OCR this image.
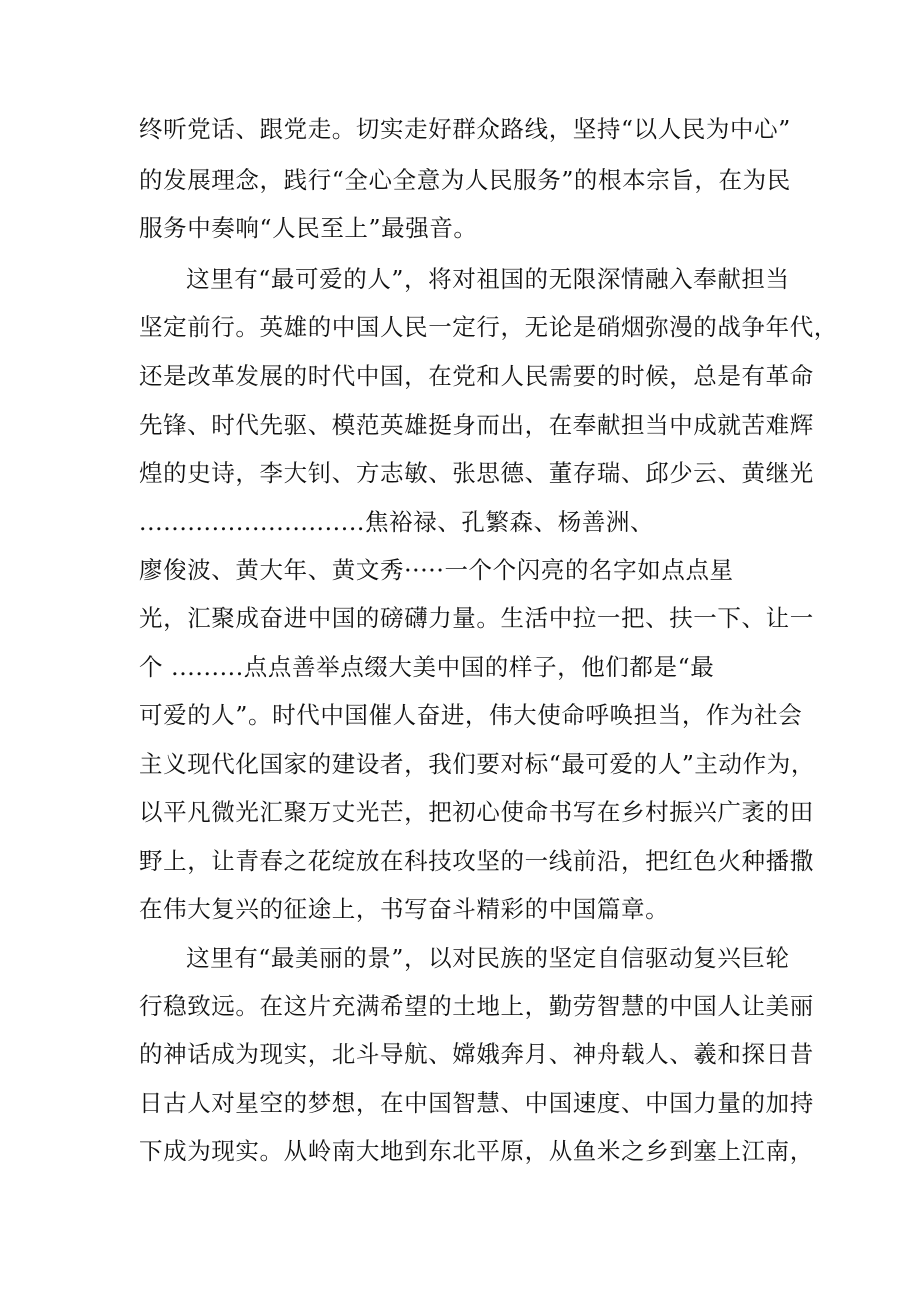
终听党话、跟党走。切实走好群众路线，坚持“以人民为中心”
的发展理念，践行“全心全意为人民服务”的根本宗旨，在为民
服务中奏响“人民至上”最强音。
这里有“最可爱的人”，将对祖国的无限深情融入奉献担当
坚定前行。英雄的中国人民一定行，无论是硝烟弥漫的战争年代，
还是改革发展的时代中国，在党和人民需要的时候，总是有革命
先锋、时代先驱、模范英雄挺身而出，在奉献担当中成就苦难辉
煌的史诗，李大钊、方志敏、张思德、董存瑞、邱少云、黄继光
............................焦裕禄、孔繁森、杨善洲、
廖俊波、黄大年、黄文秀·····一个个闪亮的名字如点点星
光，汇聚成奋进中国的磅礴力量。生活中拉一把、扶一下、让一
个 .........点点善举点缀大美中国的样子，他们都是“最
可爱的人”。时代中国催人奋进，伟大使命呼唤担当，作为社会
主义现代化国家的建设者，我们要对标“最可爱的人”主动作为，
以平凡微光汇聚万丈光芒，把初心使命书写在乡村振兴广袤的田
野上，让青春之花绽放在科技攻坚的一线前沿，把红色火种播撒
在伟大复兴的征途上，书写奋斗精彩的中国篇章。
这里有“最美丽的景”，以对民族的坚定自信驱动复兴巨轮
行稳致远。在这片充满希望的土地上，勤劳智慧的中国人让美丽
的神话成为现实，北斗导航、嫦娥奔月、神舟载人、羲和探日昔
日古人对星空的梦想，在中国智慧、中国速度、中国力量的加持
下成为现实。从岭南大地到东北平原，从鱼米之乡到塞上江南，
